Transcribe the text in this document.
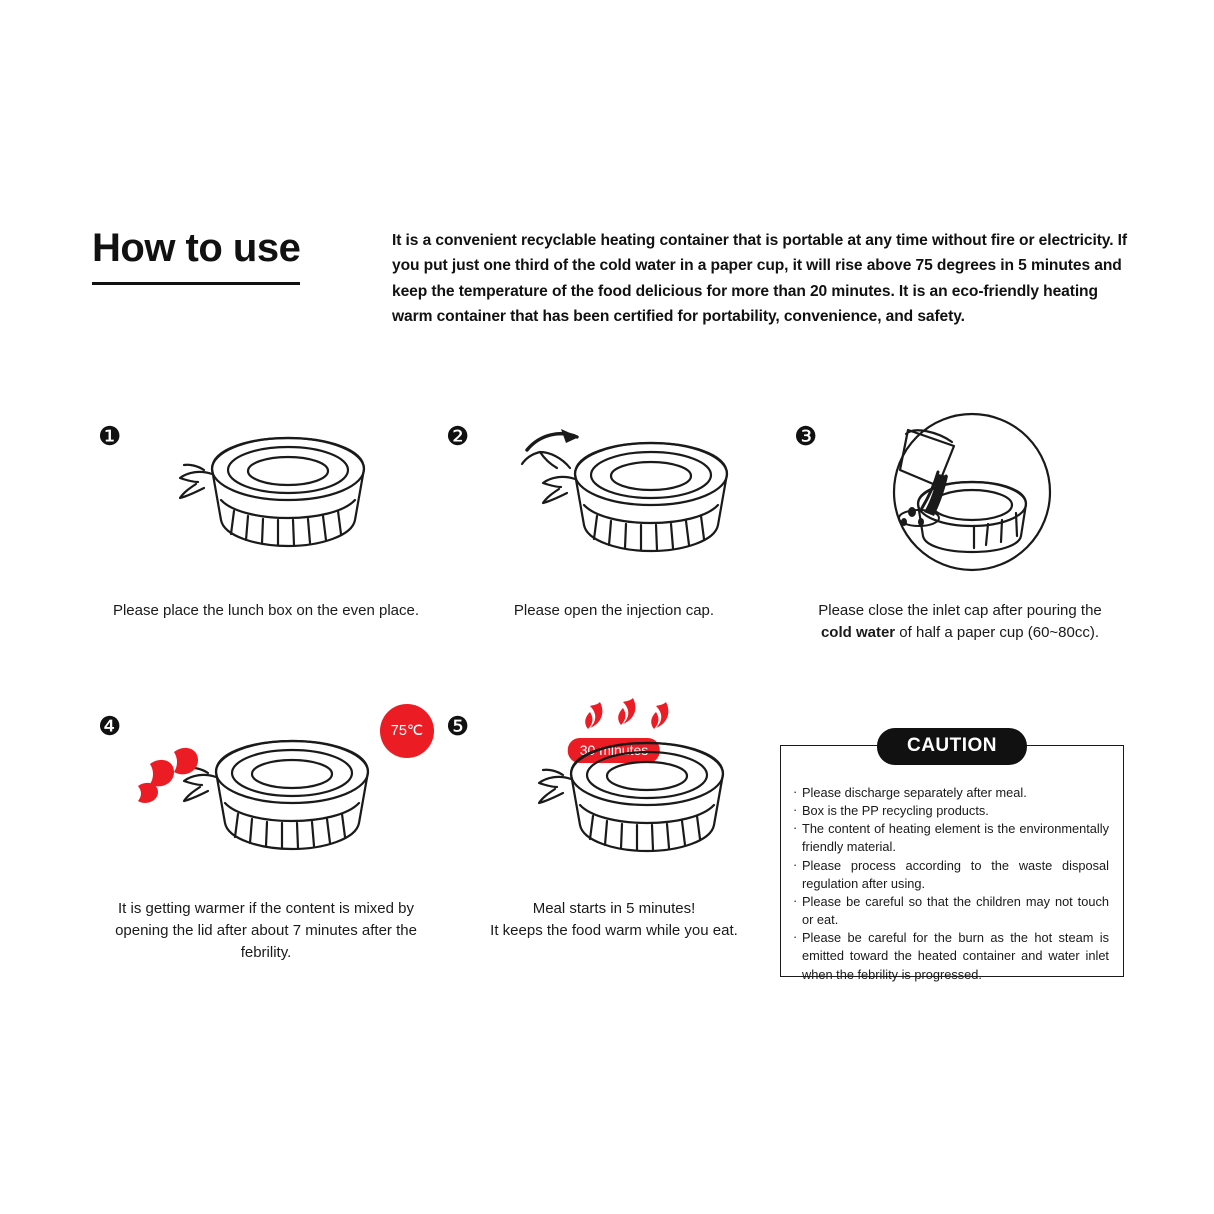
How to use	It is a convenient recyclable heating container that is portable at any time without fire or electricity. If you put just one third of the cold water in a paper cup, it will rise above 75 degrees in 5 minutes and keep the temperature of the food delicious for more than 20 minutes. It is an eco-friendly heating warm container that has been certified for portability, convenience, and safety.
❶
Please place the lunch box on the even place.
❷
Please open the injection cap.
❸
Please close the inlet cap after pouring the
cold water of half a paper cup (60~80cc).
❹	75℃
It is getting warmer if the content is mixed by opening the lid after about 7 minutes after the febrility.
❺
30 minutes
Meal starts in 5 minutes!
It keeps the food warm while you eat.
CAUTION
· Please discharge separately after meal.
· Box is the PP recycling products.
· The content of heating element is the environmentally friendly material.
· Please process according to the waste disposal regulation after using.
· Please be careful so that the children may not touch or eat.
· Please be careful for the burn as the hot steam is emitted toward the heated container and water inlet when the febrility is progressed.
